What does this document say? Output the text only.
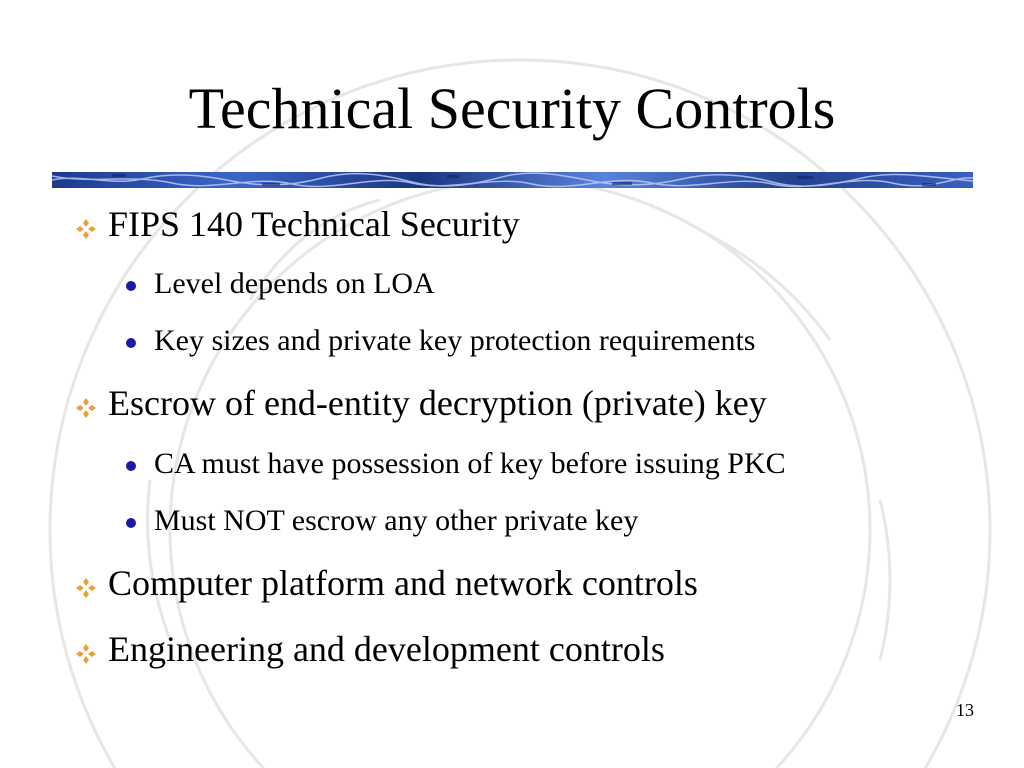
Technical Security Controls
FIPS 140 Technical Security
Level depends on LOA
Key sizes and private key protection requirements
Escrow of end-entity decryption (private) key
CA must have possession of key before issuing PKC
Must NOT escrow any other private key
Computer platform and network controls
Engineering and development controls
13
